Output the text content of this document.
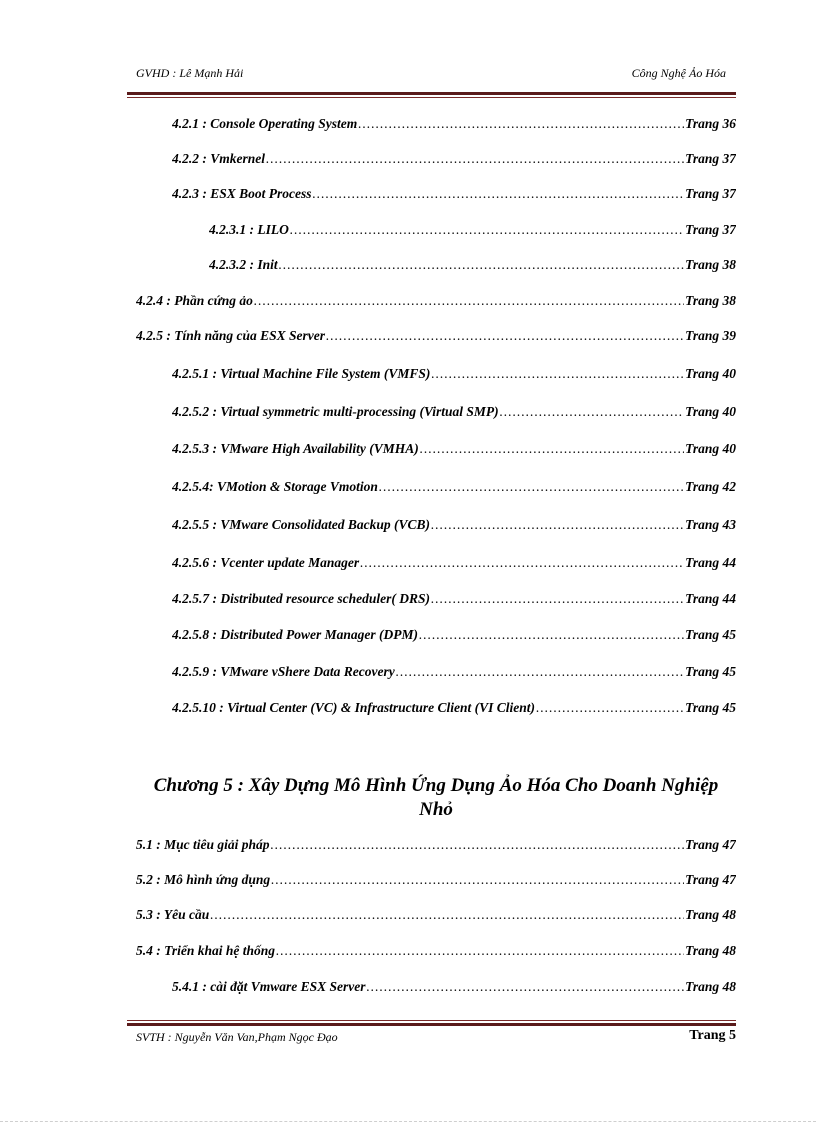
GVHD : Lê Mạnh Hải	Công Nghệ Ảo Hóa
4.2.1 : Console Operating System .....	Trang 36
4.2.2 : Vmkernel .....	Trang 37
4.2.3 : ESX Boot Process .....	Trang 37
4.2.3.1 : LILO .....	Trang 37
4.2.3.2 : Init .....	Trang 38
4.2.4 : Phần cứng ảo .....	Trang 38
4.2.5 : Tính năng của ESX Server .....	Trang 39
4.2.5.1 : Virtual Machine File System (VMFS) .....	Trang 40
4.2.5.2 : Virtual symmetric multi-processing (Virtual SMP) .....	Trang 40
4.2.5.3 : VMware High Availability (VMHA) .....	Trang 40
4.2.5.4: VMotion & Storage Vmotion .....	Trang 42
4.2.5.5 : VMware Consolidated Backup (VCB) .....	Trang 43
4.2.5.6 : Vcenter update Manager .....	Trang 44
4.2.5.7 : Distributed resource scheduler( DRS) .....	Trang 44
4.2.5.8 : Distributed Power Manager (DPM) .....	Trang 45
4.2.5.9 : VMware vShere Data Recovery .....	Trang 45
4.2.5.10 : Virtual Center (VC) & Infrastructure Client (VI Client) .....	Trang 45
Chương 5 : Xây Dựng Mô Hình Ứng Dụng Ảo Hóa Cho Doanh Nghiệp Nhỏ
5.1 : Mục tiêu giải pháp .....	Trang 47
5.2 : Mô hình ứng dụng .....	Trang 47
5.3 : Yêu cầu .....	Trang 48
5.4 : Triển khai hệ thống .....	Trang 48
5.4.1 : cài đặt Vmware ESX Server .....	Trang 48
SVTH : Nguyễn Văn Van,Phạm Ngọc Đạo	Trang 5
